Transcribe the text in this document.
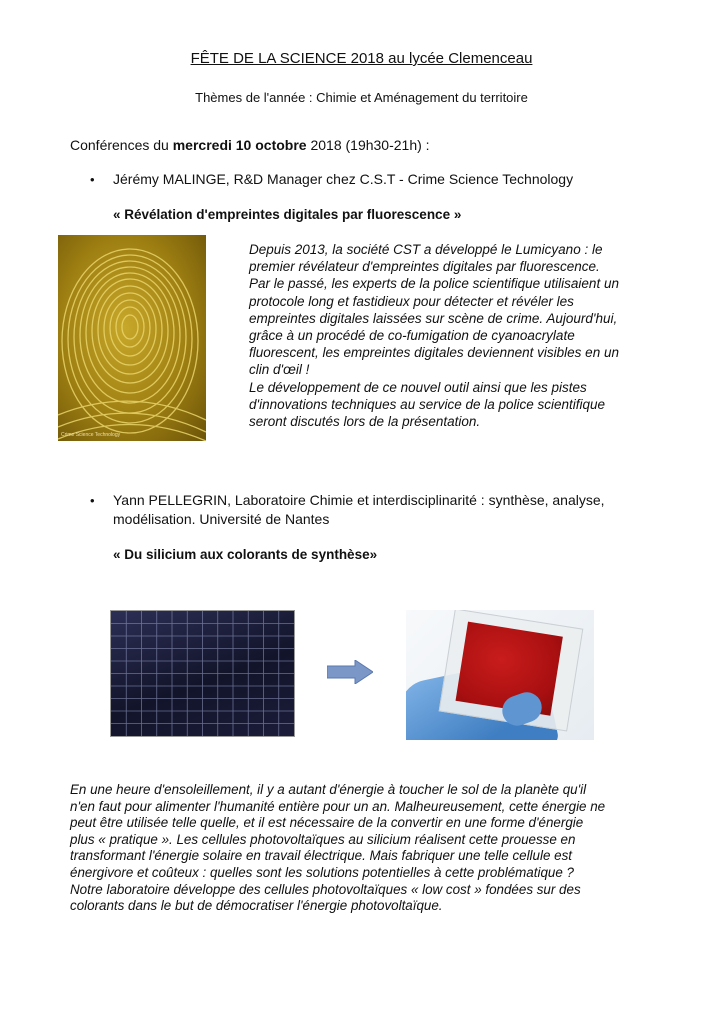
FÊTE DE LA SCIENCE 2018 au lycée Clemenceau
Thèmes de l'année : Chimie et Aménagement du territoire
Conférences du mercredi 10 octobre 2018 (19h30-21h) :
• Jérémy MALINGE, R&D Manager chez C.S.T - Crime Science Technology
« Révélation d'empreintes digitales par fluorescence »
Crime Science Technology
Depuis 2013, la société CST a développé le Lumicyano : le
premier révélateur d'empreintes digitales par fluorescence.
Par le passé, les experts de la police scientifique utilisaient un
protocole long et fastidieux pour détecter et révéler les
empreintes digitales laissées sur scène de crime. Aujourd'hui,
grâce à un procédé de co-fumigation de cyanoacrylate
fluorescent, les empreintes digitales deviennent visibles en un
clin d'œil !
Le développement de ce nouvel outil ainsi que les pistes
d'innovations techniques au service de la police scientifique
seront discutés lors de la présentation.
• Yann PELLEGRIN, Laboratoire Chimie et interdisciplinarité : synthèse, analyse,
modélisation. Université de Nantes
« Du silicium aux colorants de synthèse»
En une heure d'ensoleillement, il y a autant d'énergie à toucher le sol de la planète qu'il
n'en faut pour alimenter l'humanité entière pour un an. Malheureusement, cette énergie ne
peut être utilisée telle quelle, et il est nécessaire de la convertir en une forme d'énergie
plus « pratique ». Les cellules photovoltaïques au silicium réalisent cette prouesse en
transformant l'énergie solaire en travail électrique. Mais fabriquer une telle cellule est
énergivore et coûteux : quelles sont les solutions potentielles à cette problématique ?
Notre laboratoire développe des cellules photovoltaïques « low cost » fondées sur des
colorants dans le but de démocratiser l'énergie photovoltaïque.
